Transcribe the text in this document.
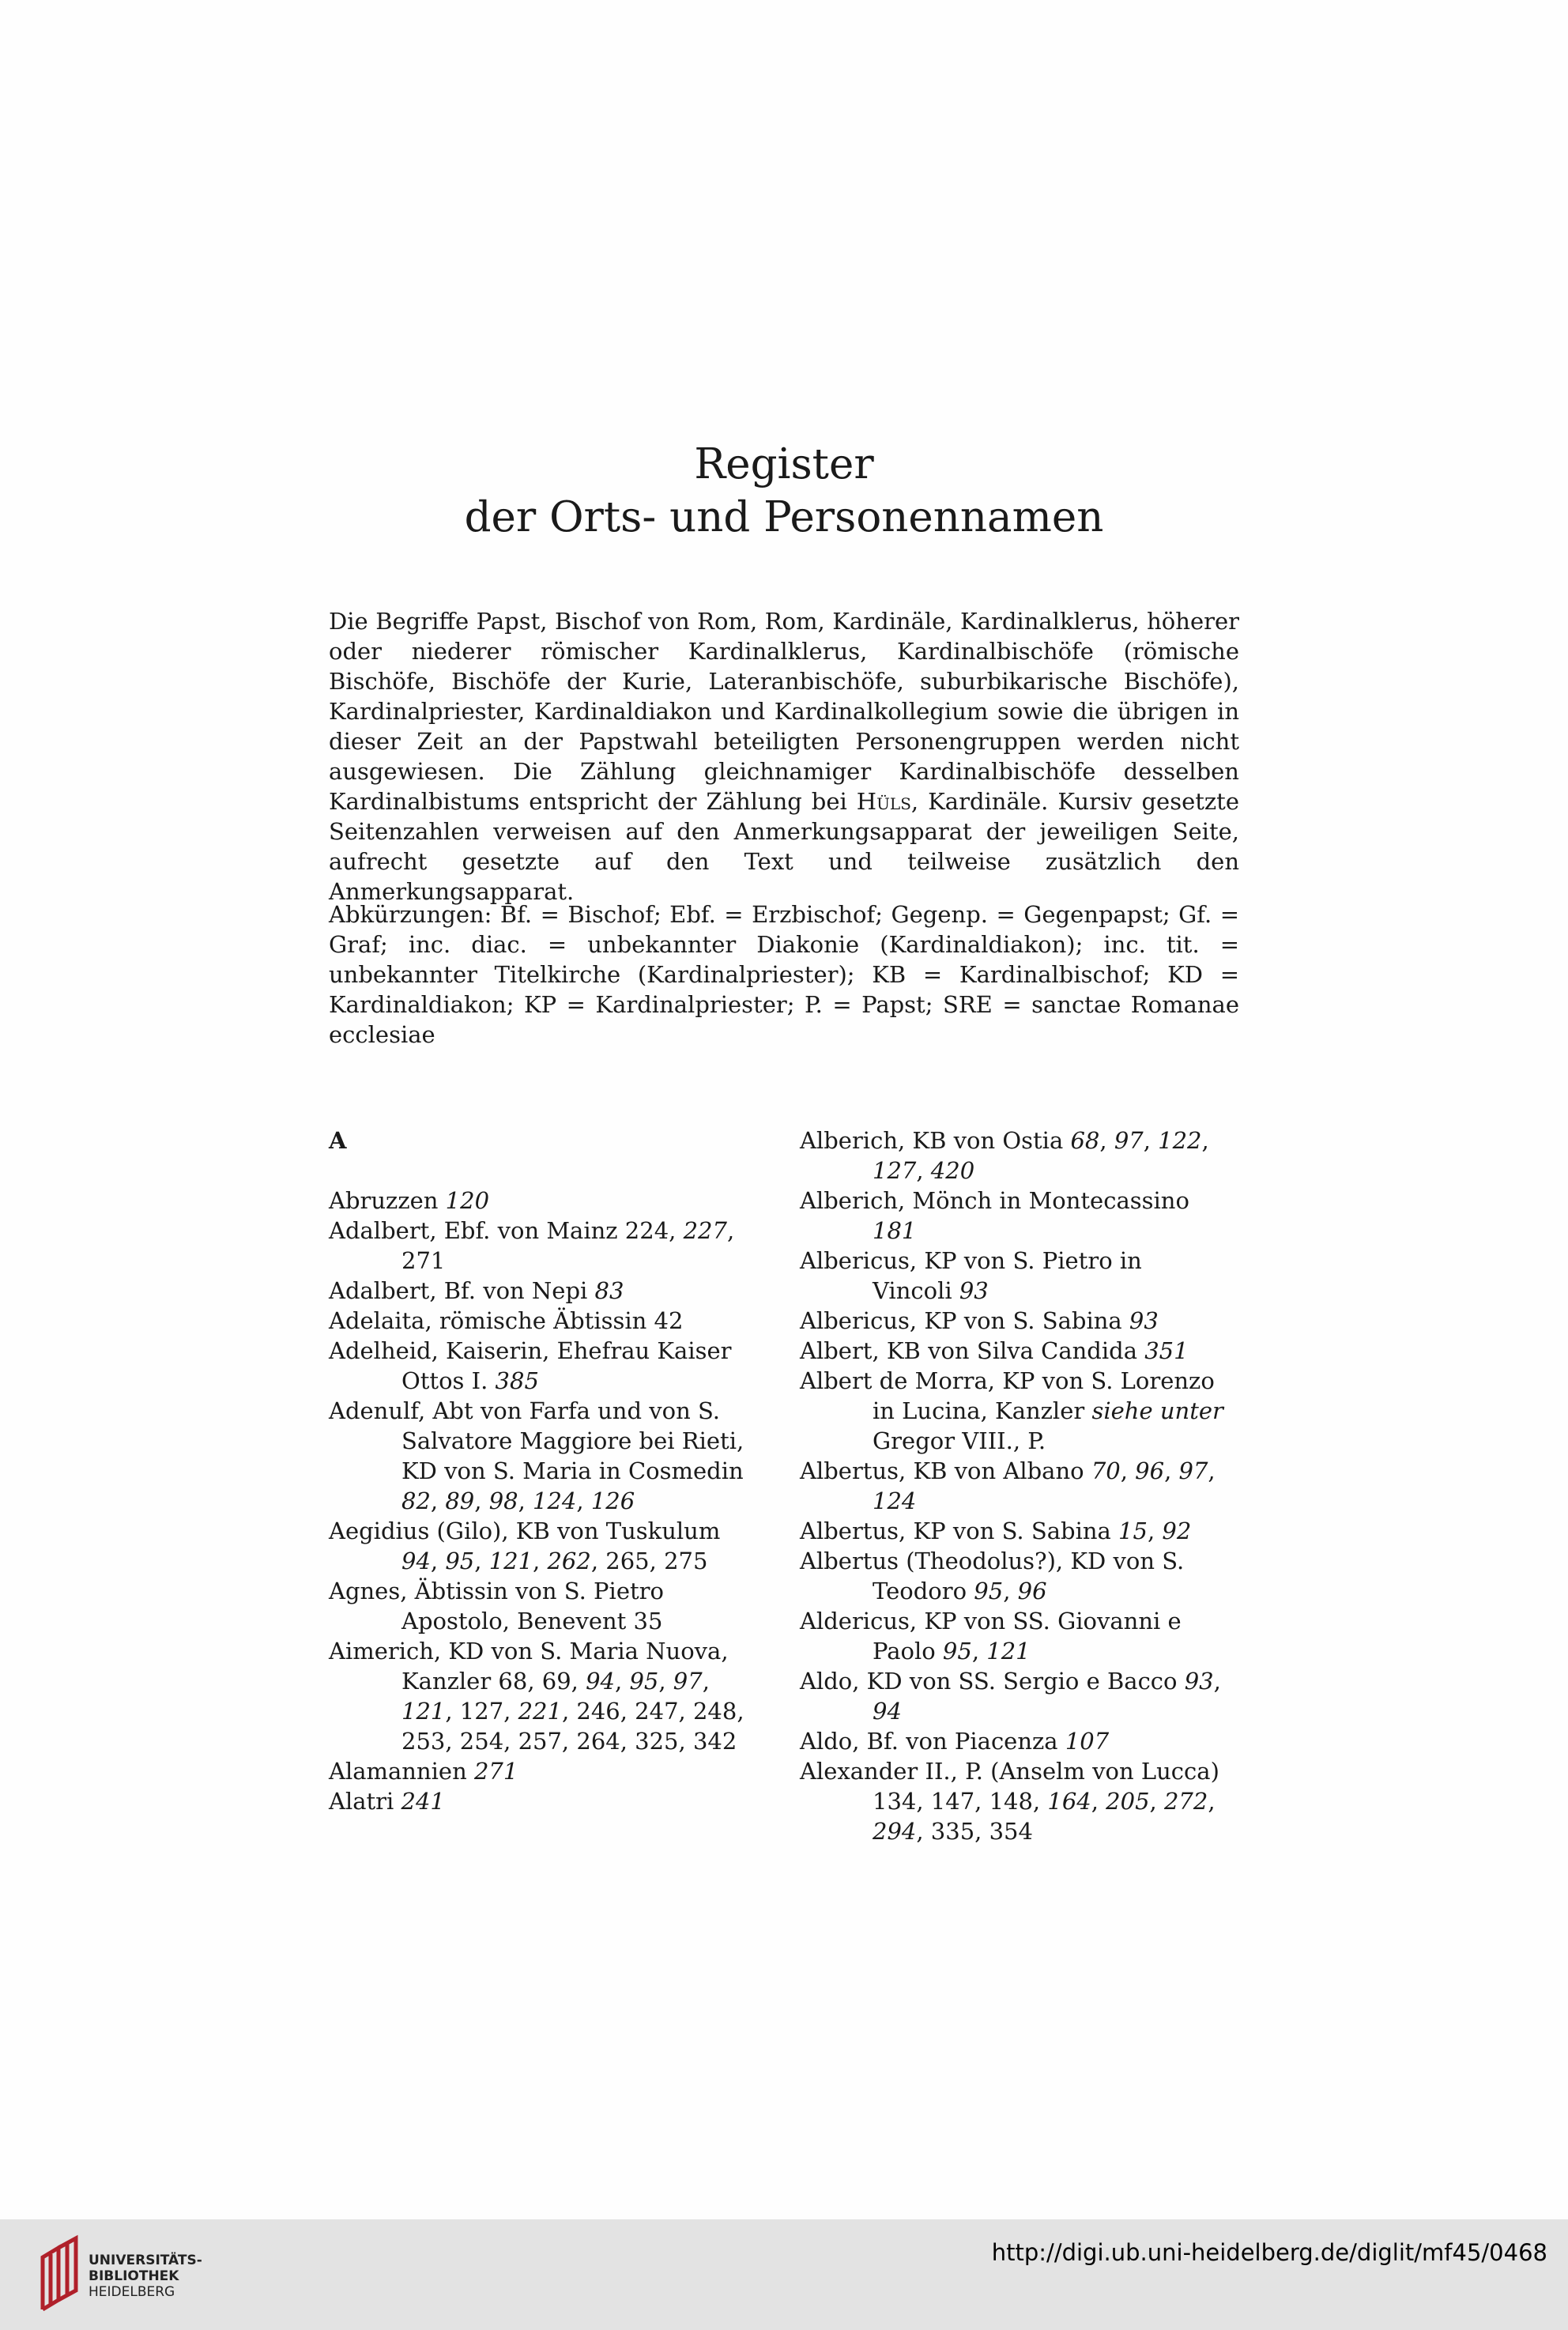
Register
der Orts- und Personennamen

Die Begriffe Papst, Bischof von Rom, Rom, Kardinäle, Kardinalklerus, höherer oder niederer römischer Kardinalklerus, Kardinalbischöfe (römische Bischöfe, Bischöfe der Kurie, Lateranbischöfe, suburbikarische Bischöfe), Kardinalpriester, Kardinaldiakon und Kardinalkollegium sowie die übrigen in dieser Zeit an der Papstwahl beteiligten Personengruppen werden nicht ausgewiesen. Die Zählung gleichnamiger Kardinalbischöfe desselben Kardinalbistums entspricht der Zählung bei Hüls, Kardinäle. Kursiv gesetzte Seitenzahlen verweisen auf den Anmerkungsapparat der jeweiligen Seite, aufrecht gesetzte auf den Text und teilweise zusätzlich den Anmerkungsapparat.

Abkürzungen: Bf. = Bischof; Ebf. = Erzbischof; Gegenp. = Gegenpapst; Gf. = Graf; inc. diac. = unbekannter Diakonie (Kardinaldiakon); inc. tit. = unbekannter Titelkirche (Kardinalpriester); KB = Kardinalbischof; KD = Kardinaldiakon; KP = Kardinalpriester; P. = Papst; SRE = sanctae Romanae ecclesiae

A
Abruzzen 120
Adalbert, Ebf. von Mainz 224, 227, 271
Adalbert, Bf. von Nepi 83
Adelaita, römische Äbtissin 42
Adelheid, Kaiserin, Ehefrau Kaiser Ottos I. 385
Adenulf, Abt von Farfa und von S. Salvatore Maggiore bei Rieti, KD von S. Maria in Cosmedin 82, 89, 98, 124, 126
Aegidius (Gilo), KB von Tuskulum 94, 95, 121, 262, 265, 275
Agnes, Äbtissin von S. Pietro Apostolo, Benevent 35
Aimerich, KD von S. Maria Nuova, Kanzler 68, 69, 94, 95, 97, 121, 127, 221, 246, 247, 248, 253, 254, 257, 264, 325, 342
Alamannien 271
Alatri 241
Alberich, KB von Ostia 68, 97, 122, 127, 420
Alberich, Mönch in Montecassino 181
Albericus, KP von S. Pietro in Vincoli 93
Albericus, KP von S. Sabina 93
Albert, KB von Silva Candida 351
Albert de Morra, KP von S. Lorenzo in Lucina, Kanzler siehe unter Gregor VIII., P.
Albertus, KB von Albano 70, 96, 97, 124
Albertus, KP von S. Sabina 15, 92
Albertus (Theodolus?), KD von S. Teodoro 95, 96
Aldericus, KP von SS. Giovanni e Paolo 95, 121
Aldo, KD von SS. Sergio e Bacco 93, 94
Aldo, Bf. von Piacenza 107
Alexander II., P. (Anselm von Lucca) 134, 147, 148, 164, 205, 272, 294, 335, 354
UNIVERSITÄTS-
BIBLIOTHEK
HEIDELBERG
http://digi.ub.uni-heidelberg.de/diglit/mf45/0468
